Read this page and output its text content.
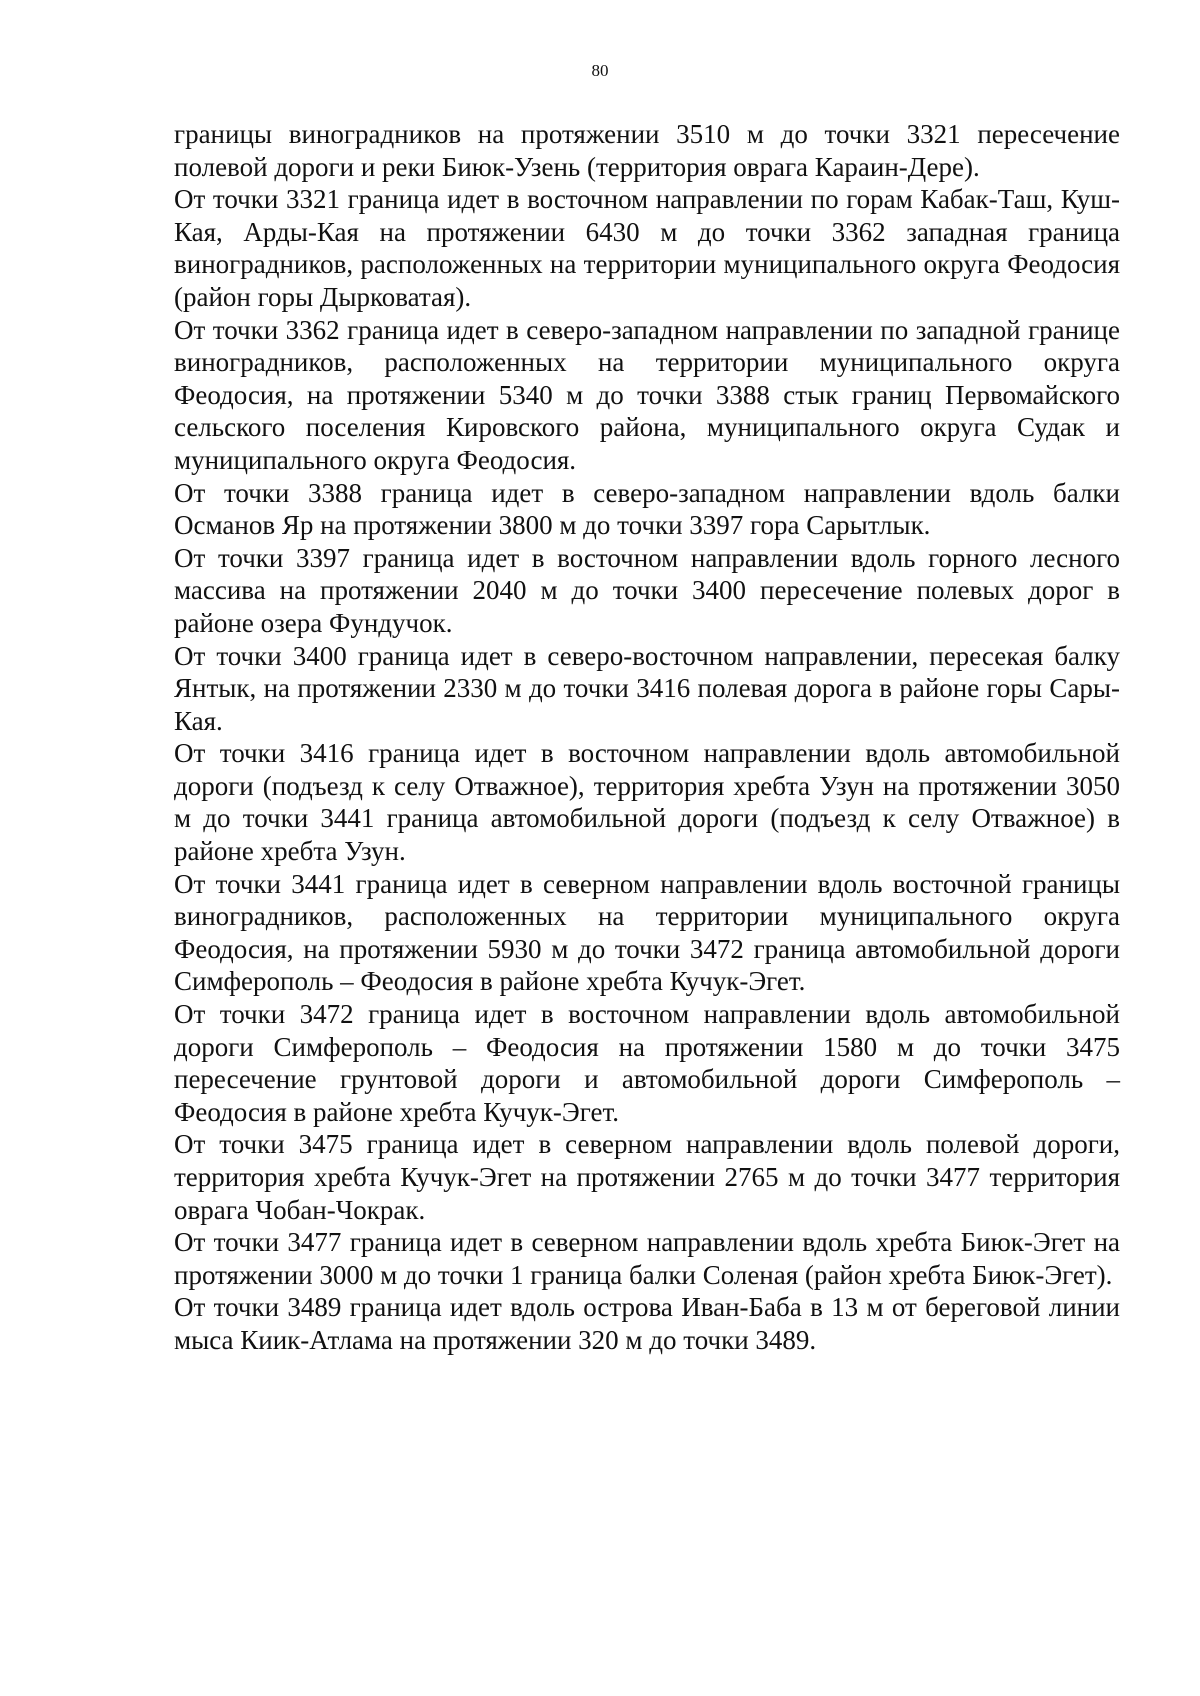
80

границы виноградников на протяжении 3510 м до точки 3321 пересечение полевой дороги и реки Биюк-Узень (территория оврага Караин-Дере).

От точки 3321 граница идет в восточном направлении по горам Кабак-Таш, Куш-Кая, Арды-Кая на протяжении 6430 м до точки 3362 западная граница виноградников, расположенных на территории муниципального округа Феодосия (район горы Дырковатая).

От точки 3362 граница идет в северо-западном направлении по западной границе виноградников, расположенных на территории муниципального округа Феодосия, на протяжении 5340 м до точки 3388 стык границ Первомайского сельского поселения Кировского района, муниципального округа Судак и муниципального округа Феодосия.

От точки 3388 граница идет в северо-западном направлении вдоль балки Османов Яр на протяжении 3800 м до точки 3397 гора Сарытлык.

От точки 3397 граница идет в восточном направлении вдоль горного лесного массива на протяжении 2040 м до точки 3400 пересечение полевых дорог в районе озера Фундучок.

От точки 3400 граница идет в северо-восточном направлении, пересекая балку Янтык, на протяжении 2330 м до точки 3416 полевая дорога в районе горы Сары-Кая.

От точки 3416 граница идет в восточном направлении вдоль автомобильной дороги (подъезд к селу Отважное), территория хребта Узун на протяжении 3050 м до точки 3441 граница автомобильной дороги (подъезд к селу Отважное) в районе хребта Узун.

От точки 3441 граница идет в северном направлении вдоль восточной границы виноградников, расположенных на территории муниципального округа Феодосия, на протяжении 5930 м до точки 3472 граница автомобильной дороги Симферополь – Феодосия в районе хребта Кучук-Эгет.

От точки 3472 граница идет в восточном направлении вдоль автомобильной дороги Симферополь – Феодосия на протяжении 1580 м до точки 3475 пересечение грунтовой дороги и автомобильной дороги Симферополь – Феодосия в районе хребта Кучук-Эгет.

От точки 3475 граница идет в северном направлении вдоль полевой дороги, территория хребта Кучук-Эгет на протяжении 2765 м до точки 3477 территория оврага Чобан-Чокрак.

От точки 3477 граница идет в северном направлении вдоль хребта Биюк-Эгет на протяжении 3000 м до точки 1 граница балки Соленая (район хребта Биюк-Эгет).

От точки 3489 граница идет вдоль острова Иван-Баба в 13 м от береговой линии мыса Киик-Атлама на протяжении 320 м до точки 3489.
